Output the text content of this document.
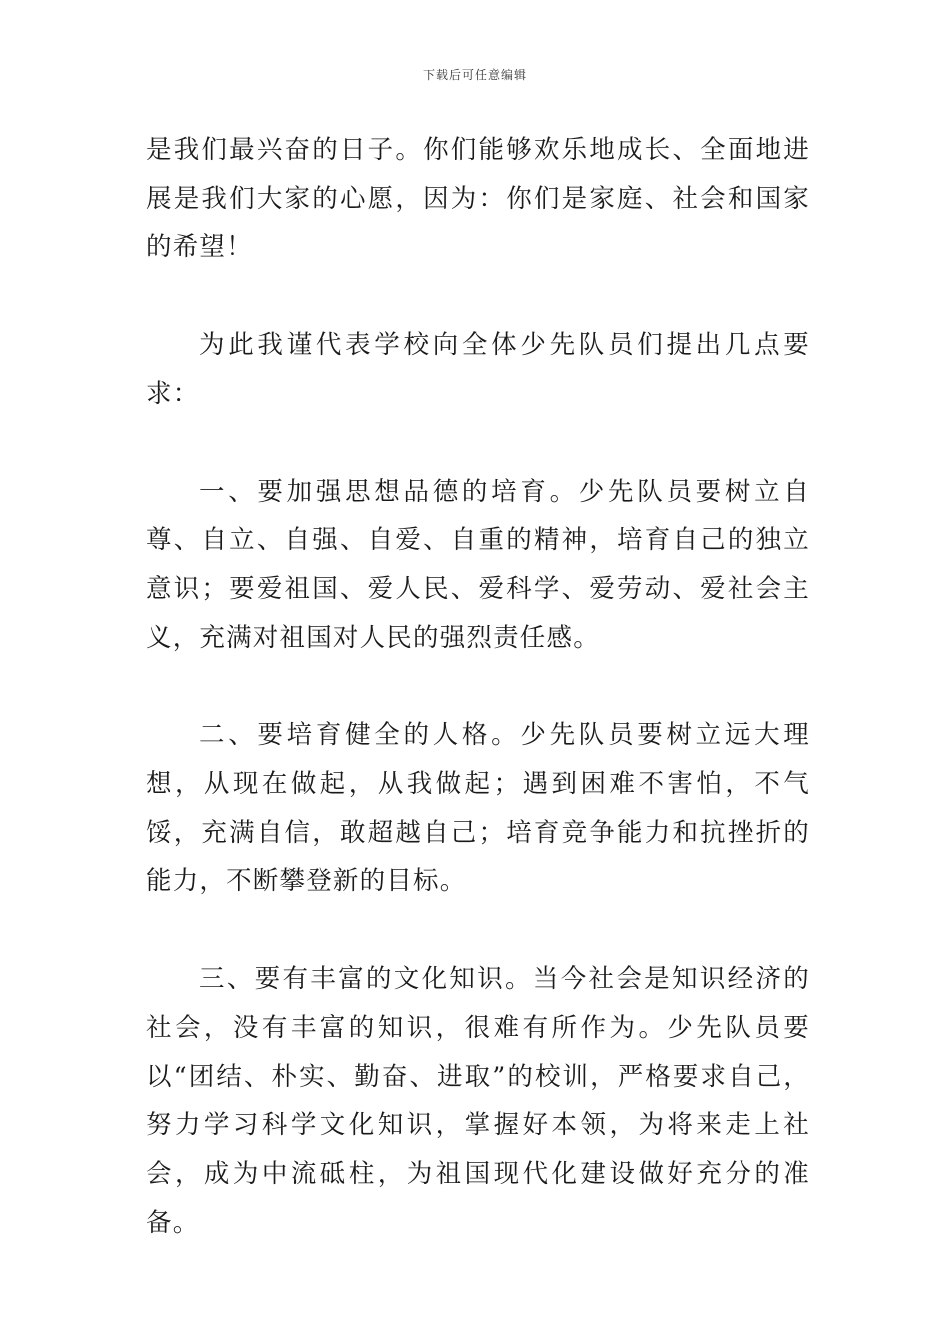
下载后可任意编辑

是我们最兴奋的日子。你们能够欢乐地成长、全面地进展是我们大家的心愿，因为：你们是家庭、社会和国家的希望！

为此我谨代表学校向全体少先队员们提出几点要求：

一、要加强思想品德的培育。少先队员要树立自尊、自立、自强、自爱、自重的精神，培育自己的独立意识；要爱祖国、爱人民、爱科学、爱劳动、爱社会主义，充满对祖国对人民的强烈责任感。

二、要培育健全的人格。少先队员要树立远大理想，从现在做起，从我做起；遇到困难不害怕，不气馁，充满自信，敢超越自己；培育竞争能力和抗挫折的能力，不断攀登新的目标。

三、要有丰富的文化知识。当今社会是知识经济的社会，没有丰富的知识，很难有所作为。少先队员要以“团结、朴实、勤奋、进取”的校训，严格要求自己，努力学习科学文化知识，掌握好本领，为将来走上社会，成为中流砥柱，为祖国现代化建设做好充分的准备。
